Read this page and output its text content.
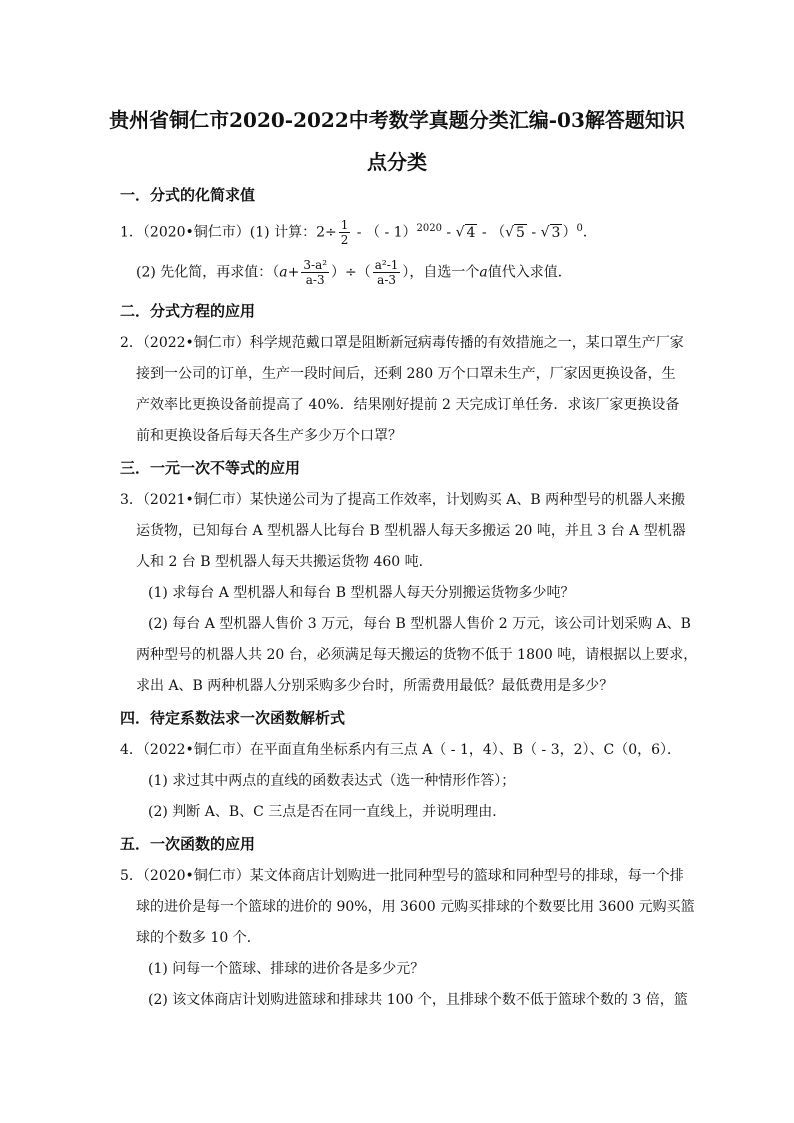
贵州省铜仁市2020-2022中考数学真题分类汇编-03解答题知识
点分类
一．分式的化简求值
1．（2020•铜仁市）(1) 计算：$2\div \frac{1}{2}$ - （ - 1）$^{2020}$ - √ 4 - （√ 5 - √ 3 ）$^0$．
(2) 先化简，再求值：（$a+ \frac{\text{3-a²}}{a-3}$ ）÷（ $\frac{\text{a²-1}}{a-3}$ ），自选一个a值代入求值．
二．分式方程的应用
2．（2022•铜仁市）科学规范戴口罩是阻断新冠病毒传播的有效措施之一，某口罩生产厂家
接到一公司的订单，生产一段时间后，还剩 280 万个口罩未生产，厂家因更换设备，生
产效率比更换设备前提高了 40%．结果刚好提前 2 天完成订单任务．求该厂家更换设备
前和更换设备后每天各生产多少万个口罩？
三．一元一次不等式的应用
3．（2021•铜仁市）某快递公司为了提高工作效率，计划购买 A、B 两种型号的机器人来搬
运货物，已知每台 A 型机器人比每台 B 型机器人每天多搬运 20 吨，并且 3 台 A 型机器
人和 2 台 B 型机器人每天共搬运货物 460 吨．
(1) 求每台 A 型机器人和每台 B 型机器人每天分别搬运货物多少吨？
(2) 每台 A 型机器人售价 3 万元，每台 B 型机器人售价 2 万元，该公司计划采购 A、B
两种型号的机器人共 20 台，必须满足每天搬运的货物不低于 1800 吨，请根据以上要求，
求出 A、B 两种机器人分别采购多少台时，所需费用最低？最低费用是多少？
四．待定系数法求一次函数解析式
4．（2022•铜仁市）在平面直角坐标系内有三点 A（ - 1，4）、B（ - 3，2）、C（0，6）．
(1) 求过其中两点的直线的函数表达式（选一种情形作答）；
(2) 判断 A、B、C 三点是否在同一直线上，并说明理由．
五．一次函数的应用
5．（2020•铜仁市）某文体商店计划购进一批同种型号的篮球和同种型号的排球，每一个排
球的进价是每一个篮球的进价的 90%，用 3600 元购买排球的个数要比用 3600 元购买篮
球的个数多 10 个．
(1) 问每一个篮球、排球的进价各是多少元？
(2) 该文体商店计划购进篮球和排球共 100 个，且排球个数不低于篮球个数的 3 倍，篮
